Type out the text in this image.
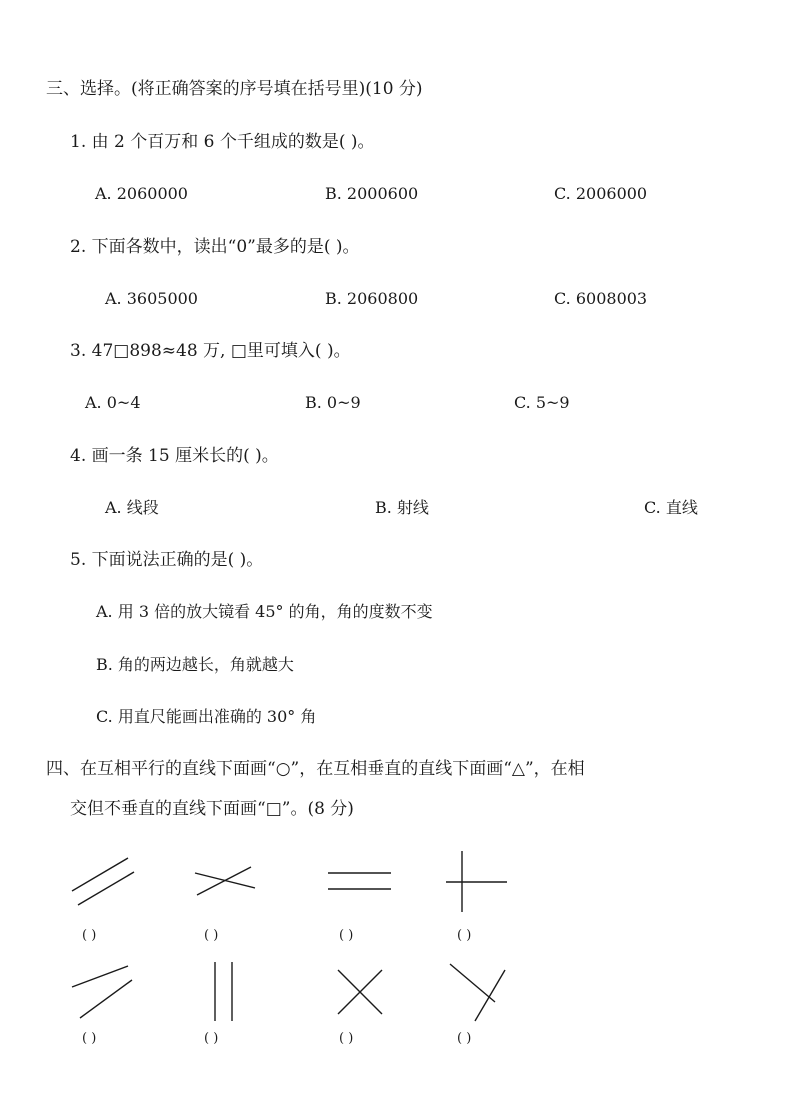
三、选择。(将正确答案的序号填在括号里)(10 分)
1. 由 2 个百万和 6 个千组成的数是( )。
A. 2060000	B. 2000600	C. 2006000
2. 下面各数中，读出“0”最多的是( )。
A. 3605000	B. 2060800	C. 6008003
3. 47□898≈48 万, □里可填入( )。
A. 0~4	B. 0~9	C. 5~9
4. 画一条 15 厘米长的( )。
A. 线段	B. 射线	C. 直线
5. 下面说法正确的是( )。
A. 用 3 倍的放大镜看 45° 的角，角的度数不变
B. 角的两边越长，角就越大
C. 用直尺能画出准确的 30° 角
四、在互相平行的直线下面画“○”，在互相垂直的直线下面画“△”，在相
交但不垂直的直线下面画“□”。(8 分)
( )	( )	( )	( )
( )	( )	( )	( )
